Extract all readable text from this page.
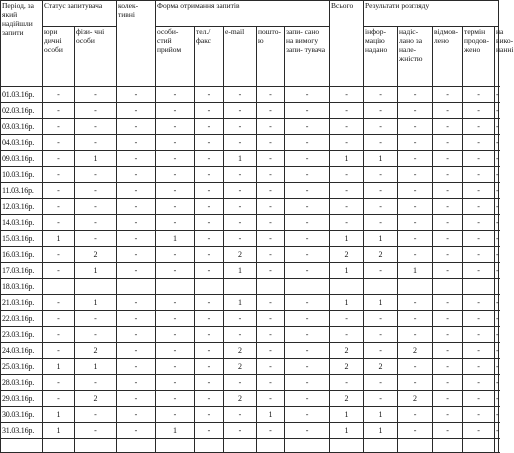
Період, за який надійшли запити	Статус запитувача		колек- тивні	Форма отримання запитів					Всього	Результати розгляду				
	юри дичні особи	фізи- чні особи		особи- стий прийом	тел./ факс	e-mail	пошто- ю	запи- сано на вимогу запи- тувача		інфор- мацію надано	надіс- лано за нале- жністю	відмов- лено	термін продов- жено	на вико- нанні
01.03.16р.	-	-	-	-	-	-	-	-	-	-	-	-	-	-
02.03.16р.	-	-	-	-	-	-	-	-	-	-	-	-	-	-
03.03.16р.	-	-	-	-	-	-	-	-	-	-	-	-	-	-
04.03.16р.	-	-	-	-	-	-	-	-	-	-	-	-	-	-
09.03.16р.	-	1	-	-	-	1	-	-	1	1	-	-	-	-
10.03.16р.	-	-	-	-	-	-	-	-	-	-	-	-	-	-
11.03.16р.	-	-	-	-	-	-	-	-	-	-	-	-	-	-
12.03.16р.	-	-	-	-	-	-	-	-	-	-	-	-	-	-
14.03.16р.	-	-	-	-	-	-	-	-	-	-	-	-	-	-
15.03.16р.	1	-	-	1	-	-	-	-	1	1	-	-	-	-
16.03.16р.	-	2	-	-	-	2	-	-	2	2	-	-	-	-
17.03.16р.	-	1	-	-	-	1	-	-	1	-	1	-	-	-
18.03.16р.														
21.03.16р.	-	1	-	-	-	1	-	-	1	1	-	-	-	-
22.03.16р.	-	-	-	-	-	-	-	-	-	-	-	-	-	-
23.03.16р.	-	-	-	-	-	-	-	-	-	-	-	-	-	-
24.03.16р.	-	2	-	-	-	2	-	-	2	-	2	-	-	-
25.03.16р.	1	1	-	-	-	2	-	-	2	2	-	-	-	-
28.03.16р.	-	-	-	-	-	-	-	-	-	-	-	-	-	-
29.03.16р.	-	2	-	-	-	2	-	-	2	-	2	-	-	-
30.03.16р.	1	-	-	-	-	-	1	-	1	1	-	-	-	-
31.03.16р.	1	-	-	1	-	-	-	-	1	1	-	-	-	-
